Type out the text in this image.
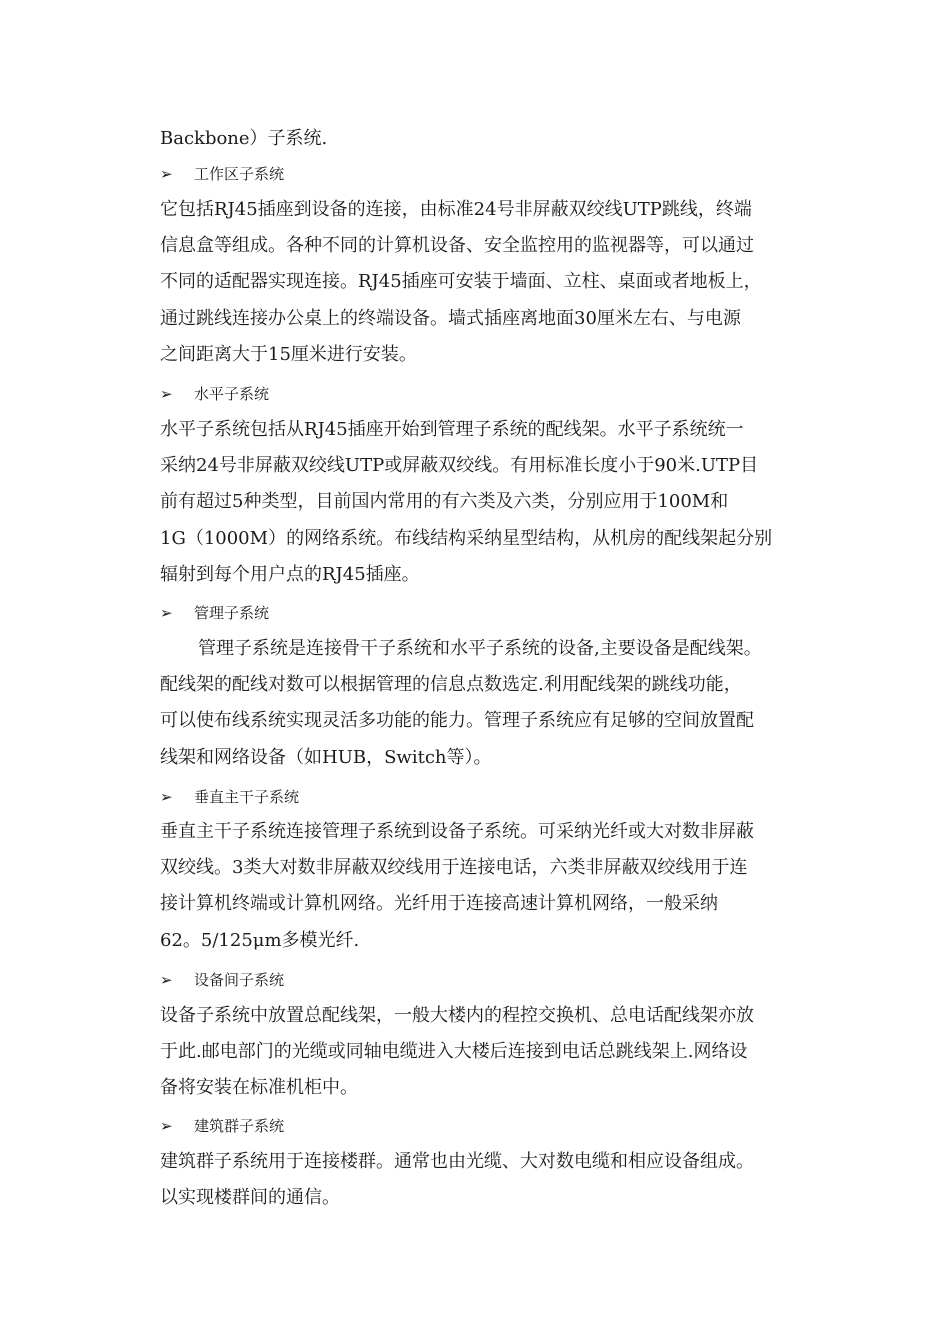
Backbone）子系统.
➢ 工作区子系统
它包括RJ45插座到设备的连接，由标准24号非屏蔽双绞线UTP跳线，终端
信息盒等组成。各种不同的计算机设备、安全监控用的监视器等，可以通过
不同的适配器实现连接。RJ45插座可安装于墙面、立柱、桌面或者地板上，
通过跳线连接办公桌上的终端设备。墙式插座离地面30厘米左右、与电源
之间距离大于15厘米进行安装。
➢ 水平子系统
水平子系统包括从RJ45插座开始到管理子系统的配线架。水平子系统统一
采纳24号非屏蔽双绞线UTP或屏蔽双绞线。有用标准长度小于90米.UTP目
前有超过5种类型，目前国内常用的有六类及六类，分别应用于100M和
1G（1000M）的网络系统。布线结构采纳星型结构，从机房的配线架起分别
辐射到每个用户点的RJ45插座。
➢ 管理子系统
管理子系统是连接骨干子系统和水平子系统的设备,主要设备是配线架。
配线架的配线对数可以根据管理的信息点数选定.利用配线架的跳线功能，
可以使布线系统实现灵活多功能的能力。管理子系统应有足够的空间放置配
线架和网络设备（如HUB，Switch等）。
➢ 垂直主干子系统
垂直主干子系统连接管理子系统到设备子系统。可采纳光纤或大对数非屏蔽
双绞线。3类大对数非屏蔽双绞线用于连接电话，六类非屏蔽双绞线用于连
接计算机终端或计算机网络。光纤用于连接高速计算机网络，一般采纳
62。5/125μm多模光纤.
➢ 设备间子系统
设备子系统中放置总配线架，一般大楼内的程控交换机、总电话配线架亦放
于此.邮电部门的光缆或同轴电缆进入大楼后连接到电话总跳线架上.网络设
备将安装在标准机柜中。
➢ 建筑群子系统
建筑群子系统用于连接楼群。通常也由光缆、大对数电缆和相应设备组成。
以实现楼群间的通信。
